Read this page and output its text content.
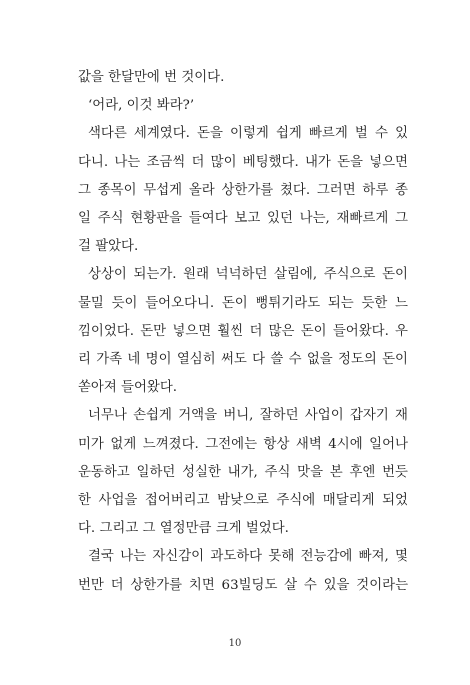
값을 한달만에 번 것이다.

‘어라, 이것 봐라?’

색다른 세계였다. 돈을 이렇게 쉽게 빠르게 벌 수 있
다니. 나는 조금씩 더 많이 베팅했다. 내가 돈을 넣으면
그 종목이 무섭게 올라 상한가를 쳤다. 그러면 하루 종
일 주식 현황판을 들여다 보고 있던 나는, 재빠르게 그
걸 팔았다.

상상이 되는가. 원래 넉넉하던 살림에, 주식으로 돈이
물밀 듯이 들어오다니. 돈이 뻥튀기라도 되는 듯한 느
낌이었다. 돈만 넣으면 훨씬 더 많은 돈이 들어왔다. 우
리 가족 네 명이 열심히 써도 다 쓸 수 없을 정도의 돈이
쏟아져 들어왔다.

너무나 손쉽게 거액을 버니, 잘하던 사업이 갑자기 재
미가 없게 느껴졌다. 그전에는 항상 새벽 4시에 일어나
운동하고 일하던 성실한 내가, 주식 맛을 본 후엔 번듯
한 사업을 접어버리고 밤낮으로 주식에 매달리게 되었
다. 그리고 그 열정만큼 크게 벌었다.

결국 나는 자신감이 과도하다 못해 전능감에 빠져, 몇
번만 더 상한가를 치면 63빌딩도 살 수 있을 것이라는

10
